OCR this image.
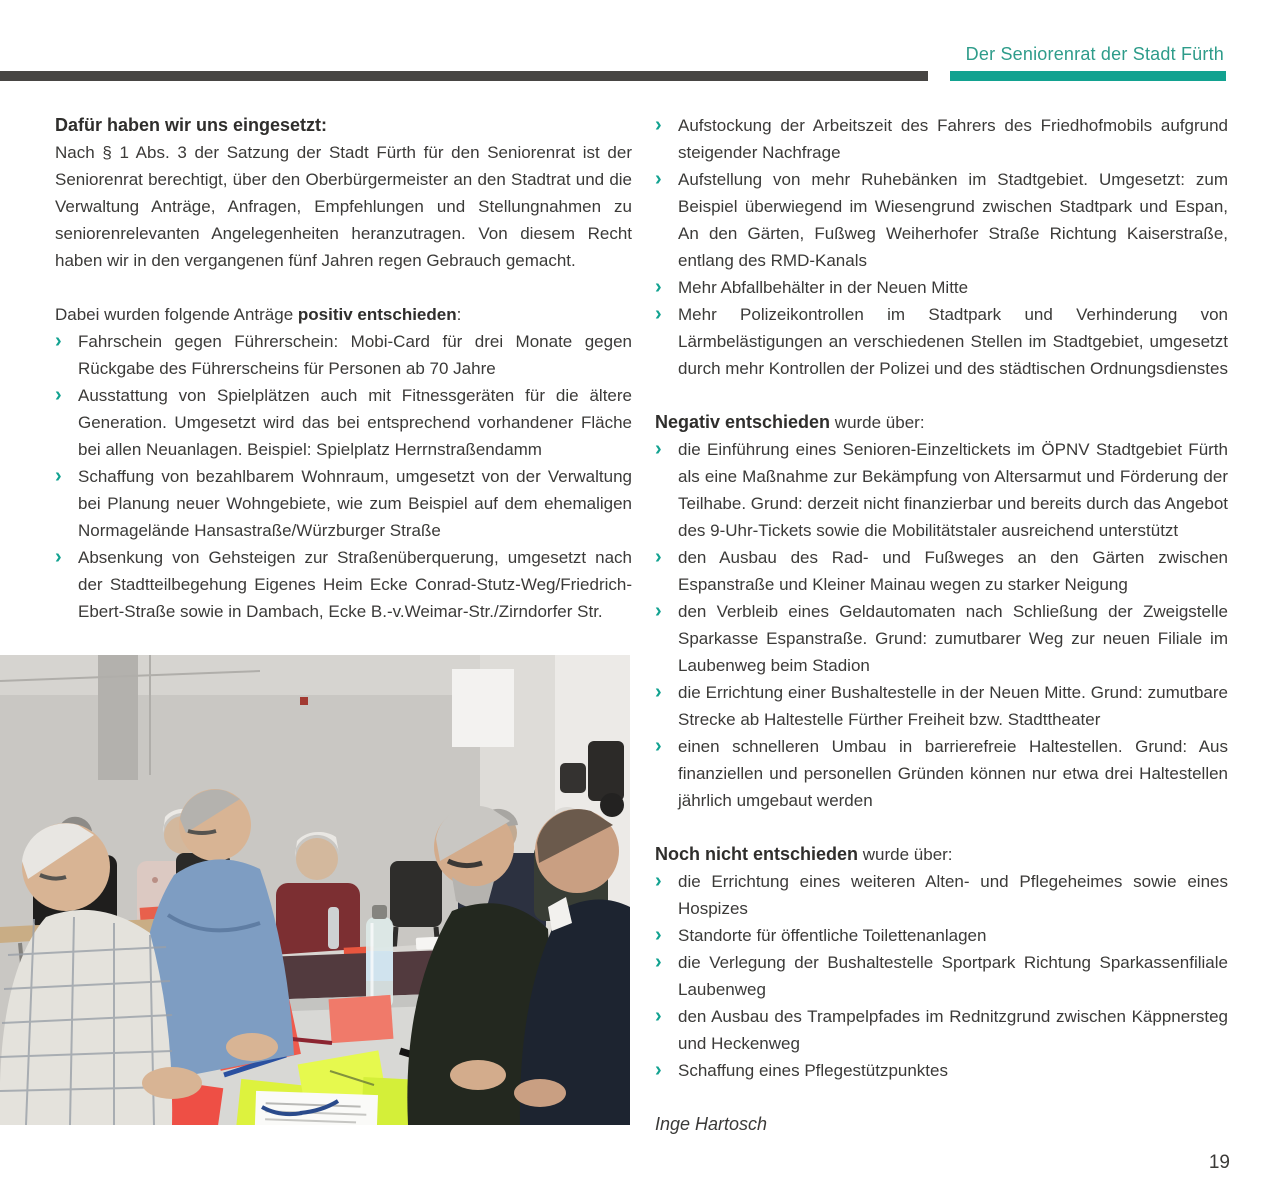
Der Seniorenrat der Stadt Fürth
Dafür haben wir uns eingesetzt:
Nach § 1 Abs. 3 der Satzung der Stadt Fürth für den Seniorenrat ist der Seniorenrat berechtigt, über den Oberbürgermeister an den Stadtrat und die Verwaltung Anträge, Anfragen, Empfehlungen und Stellungnahmen zu seniorenrelevanten Angelegenheiten heranzutragen. Von diesem Recht haben wir in den vergangenen fünf Jahren regen Gebrauch gemacht.
Dabei wurden folgende Anträge positiv entschieden:
› Fahrschein gegen Führerschein: Mobi-Card für drei Monate gegen Rückgabe des Führerscheins für Personen ab 70 Jahre
› Ausstattung von Spielplätzen auch mit Fitnessgeräten für die ältere Generation. Umgesetzt wird das bei entsprechend vorhandener Fläche bei allen Neuanlagen. Beispiel: Spielplatz Herrnstraßendamm
› Schaffung von bezahlbarem Wohnraum, umgesetzt von der Verwaltung bei Planung neuer Wohngebiete, wie zum Beispiel auf dem ehemaligen Normagelände Hansastraße/Würzburger Straße
› Absenkung von Gehsteigen zur Straßenüberquerung, umgesetzt nach der Stadtteilbegehung Eigenes Heim Ecke Conrad-Stutz-Weg/Friedrich-Ebert-Straße sowie in Dambach, Ecke B.-v.Weimar-Str./Zirndorfer Str.
› Aufstockung der Arbeitszeit des Fahrers des Friedhofmobils aufgrund steigender Nachfrage
› Aufstellung von mehr Ruhebänken im Stadtgebiet. Umgesetzt: zum Beispiel überwiegend im Wiesengrund zwischen Stadtpark und Espan, An den Gärten, Fußweg Weiherhofer Straße Richtung Kaiserstraße, entlang des RMD-Kanals
› Mehr Abfallbehälter in der Neuen Mitte
› Mehr Polizeikontrollen im Stadtpark und Verhinderung von Lärmbelästigungen an verschiedenen Stellen im Stadtgebiet, umgesetzt durch mehr Kontrollen der Polizei und des städtischen Ordnungsdienstes
Negativ entschieden wurde über:
› die Einführung eines Senioren-Einzeltickets im ÖPNV Stadtgebiet Fürth als eine Maßnahme zur Bekämpfung von Altersarmut und Förderung der Teilhabe. Grund: derzeit nicht finanzierbar und bereits durch das Angebot des 9-Uhr-Tickets sowie die Mobilitätstaler ausreichend unterstützt
› den Ausbau des Rad- und Fußweges an den Gärten zwischen Espanstraße und Kleiner Mainau wegen zu starker Neigung
› den Verbleib eines Geldautomaten nach Schließung der Zweigstelle Sparkasse Espanstraße. Grund: zumutbarer Weg zur neuen Filiale im Laubenweg beim Stadion
› die Errichtung einer Bushaltestelle in der Neuen Mitte. Grund: zumutbare Strecke ab Haltestelle Fürther Freiheit bzw. Stadttheater
› einen schnelleren Umbau in barrierefreie Haltestellen. Grund: Aus finanziellen und personellen Gründen können nur etwa drei Haltestellen jährlich umgebaut werden
Noch nicht entschieden wurde über:
› die Errichtung eines weiteren Alten- und Pflegeheimes sowie eines Hospizes
› Standorte für öffentliche Toilettenanlagen
› die Verlegung der Bushaltestelle Sportpark Richtung Sparkassenfiliale Laubenweg
› den Ausbau des Trampelpfades im Rednitzgrund zwischen Käppnersteg und Heckenweg
› Schaffung eines Pflegestützpunktes
Inge Hartosch
19
